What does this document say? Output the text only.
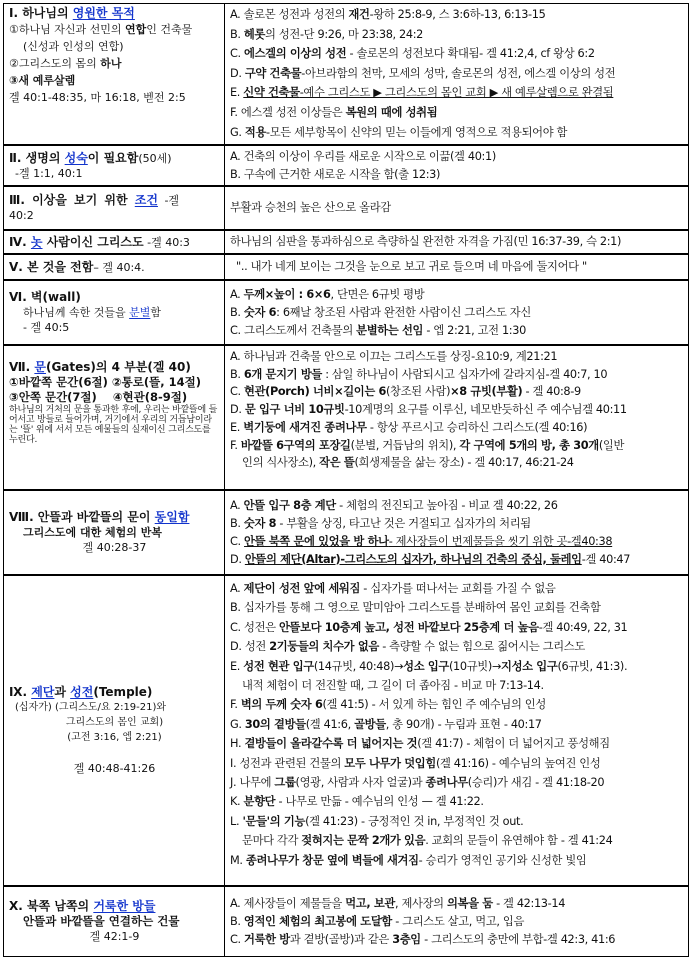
Ⅰ. 하나님의 영원한 목적
①하나님 자신과 선민의 연합인 건축물
(신성과 인성의 연합)
②그리스도의 몸의 하나
③새 예루살렘
겔 40:1-48:35, 마 16:18, 벧전 2:5
A. 솔로몬 성전과 성전의 재건-왕하 25:8-9, 스 3:6하-13, 6:13-15
B. 헤롯의 성전-단 9:26, 마 23:38, 24:2
C. 에스겔의 이상의 성전 - 솔로몬의 성전보다 확대됨- 겔 41:2,4, cf 왕상 6:2
D. 구약 건축물-아브라함의 천막, 모세의 성막, 솔로몬의 성전, 에스겔 이상의 성전
E. 신약 건축물-예수 그리스도 ▶ 그리스도의 몸인 교회 ▶ 새 예루살렘으로 완결됨
F. 에스겔 성전 이상들은 복원의 때에 성취됨
G. 적용-모든 세부항목이 신약의 믿는 이들에게 영적으로 적용되어야 함
Ⅱ. 생명의 성숙이 필요함(50세)
-겔 1:1, 40:1
A. 건축의 이상이 우리를 새로운 시작으로 이끎(겔 40:1)
B. 구속에 근거한 새로운 시작을 함(출 12:3)
Ⅲ. 이상을 보기 위한 조건 -겔
40:2
부활과 승천의 높은 산으로 올라감
Ⅳ. 놋 사람이신 그리스도 -겔 40:3	하나님의 심판을 통과하심으로 측량하실 완전한 자격을 가짐(민 16:37-39, 슥 2:1)
Ⅴ. 본 것을 전함– 겔 40:4.	".. 내가 네게 보이는 그것을 눈으로 보고 귀로 들으며 네 마음에 둘지어다 "
Ⅵ. 벽(wall)
하나님께 속한 것들을 분별함
- 겔 40:5
A. 두께×높이 : 6×6, 단면은 6규빗 평방
B. 숫자 6: 6째날 창조된 사람과 완전한 사람이신 그리스도 자신
C. 그리스도께서 건축물의 분별하는 선임 - 엡 2:21, 고전 1:30
Ⅶ. 문(Gates)의 4 부분(겔 40)
①바깥쪽 문간(6절) ②통로(뜰, 14절)
③안쪽 문간(7절)    ④현관(8-9절)
하나님의 거처의 문을 통과한 후에, 우리는 바깥뜰에 들어서고 방들로 들어가며, 거기에서 우리의 거듭남이라는 '뜰' 위에 서서 모든 예물들의 실재이신 그리스도를 누린다.
A. 하나님과 건축물 안으로 이끄는 그리스도를 상징-요10:9, 계21:21
B. 6개 문지기 방들 : 삼일 하나님이 사람되시고 십자가에 갈라지심-겔 40:7, 10
C. 현관(Porch) 너비×길이는 6(창조된 사람)×8 규빗(부활) - 겔 40:8-9
D. 문 입구 너비 10규빗-10계명의 요구를 이루신, 네모반듯하신 주 예수님겔 40:11
E. 벽기둥에 새겨진 종려나무 - 항상 푸르시고 승리하신 그리스도(겔 40:16)
F. 바깥뜰 6구역의 포장길(분별, 거듭남의 위치), 각 구역에 5개의 방, 총 30개(일반
인의 식사장소), 작은 뜰(희생제물을 삶는 장소) - 겔 40:17, 46:21-24
Ⅷ. 안뜰과 바깥뜰의 문이 동일함
그리스도에 대한 체험의 반복
겔 40:28-37
A. 안뜰 입구 8층 계단 - 체험의 전진되고 높아짐 - 비교 겔 40:22, 26
B. 숫자 8 - 부활을 상징, 타고난 것은 거절되고 십자가의 처리됨
C. 안뜰 북쪽 문에 있었을 방 하나- 제사장들이 번제물들을 씻기 위한 곳-겔40:38
D. 안뜰의 제단(Altar)-그리스도의 십자가, 하나님의 건축의 중심, 둘레임-겔 40:47
Ⅸ. 제단과 성전(Temple)
(십자가) (그리스도/요 2:19-21)와
그리스도의 몸인 교회)
(고전 3:16, 엡 2:21)
겔 40:48-41:26
A. 제단이 성전 앞에 세워짐 - 십자가를 떠나서는 교회를 가질 수 없음
B. 십자가를 통해 그 영으로 말미암아 그리스도를 분배하여 몸인 교회를 건축함
C. 성전은 안뜰보다 10층계 높고, 성전 바깥보다 25층계 더 높음-겔 40:49, 22, 31
D. 성전 2기둥들의 치수가 없음 - 측량할 수 없는 힘으로 짊어시는 그리스도
E. 성전 현관 입구(14규빗, 40:48)→성소 입구(10규빗)→지성소 입구(6규빗, 41:3).
내적 체험이 더 전진할 때, 그 길이 더 좁아짐 - 비교 마 7:13-14.
F. 벽의 두께 숫자 6(겔 41:5) - 서 있게 하는 힘인 주 예수님의 인성
G. 30의 곁방들(겔 41:6, 골방들, 총 90개) - 누림과 표현 - 40:17
H. 곁방들이 올라갈수록 더 넓어지는 것(겔 41:7) - 체험이 더 넓어지고 풍성해짐
I. 성전과 관련된 건물의 모두 나무가 덧입힘(겔 41:16) - 예수님의 높여진 인성
J. 나무에 그룹(영광, 사람과 사자 얼굴)과 종려나무(승리)가 새김 - 겔 41:18-20
K. 분향단 - 나무로 만듦 - 예수님의 인성 — 겔 41:22.
L. '문들'의 기능(겔 41:23) - 긍정적인 것 in, 부정적인 것 out.
문마다 각각 젖혀지는 문짝 2개가 있음. 교회의 문들이 유연해야 함 - 겔 41:24
M. 종려나무가 창문 옆에 벽들에 새겨짐- 승리가 영적인 공기와 신성한 빛임
Ⅹ. 북쪽 남쪽의 거룩한 방들
안뜰과 바깥뜰을 연결하는 건물
겔 42:1-9
A. 제사장들이 제물들을 먹고, 보관, 제사장의 의복을 둠 - 겔 42:13-14
B. 영적인 체험의 최고봉에 도달함 - 그리스도 살고, 먹고, 입음
C. 거룩한 방과 곁방(골방)과 같은 3층임 - 그리스도의 충만에 부합-겔 42:3, 41:6
